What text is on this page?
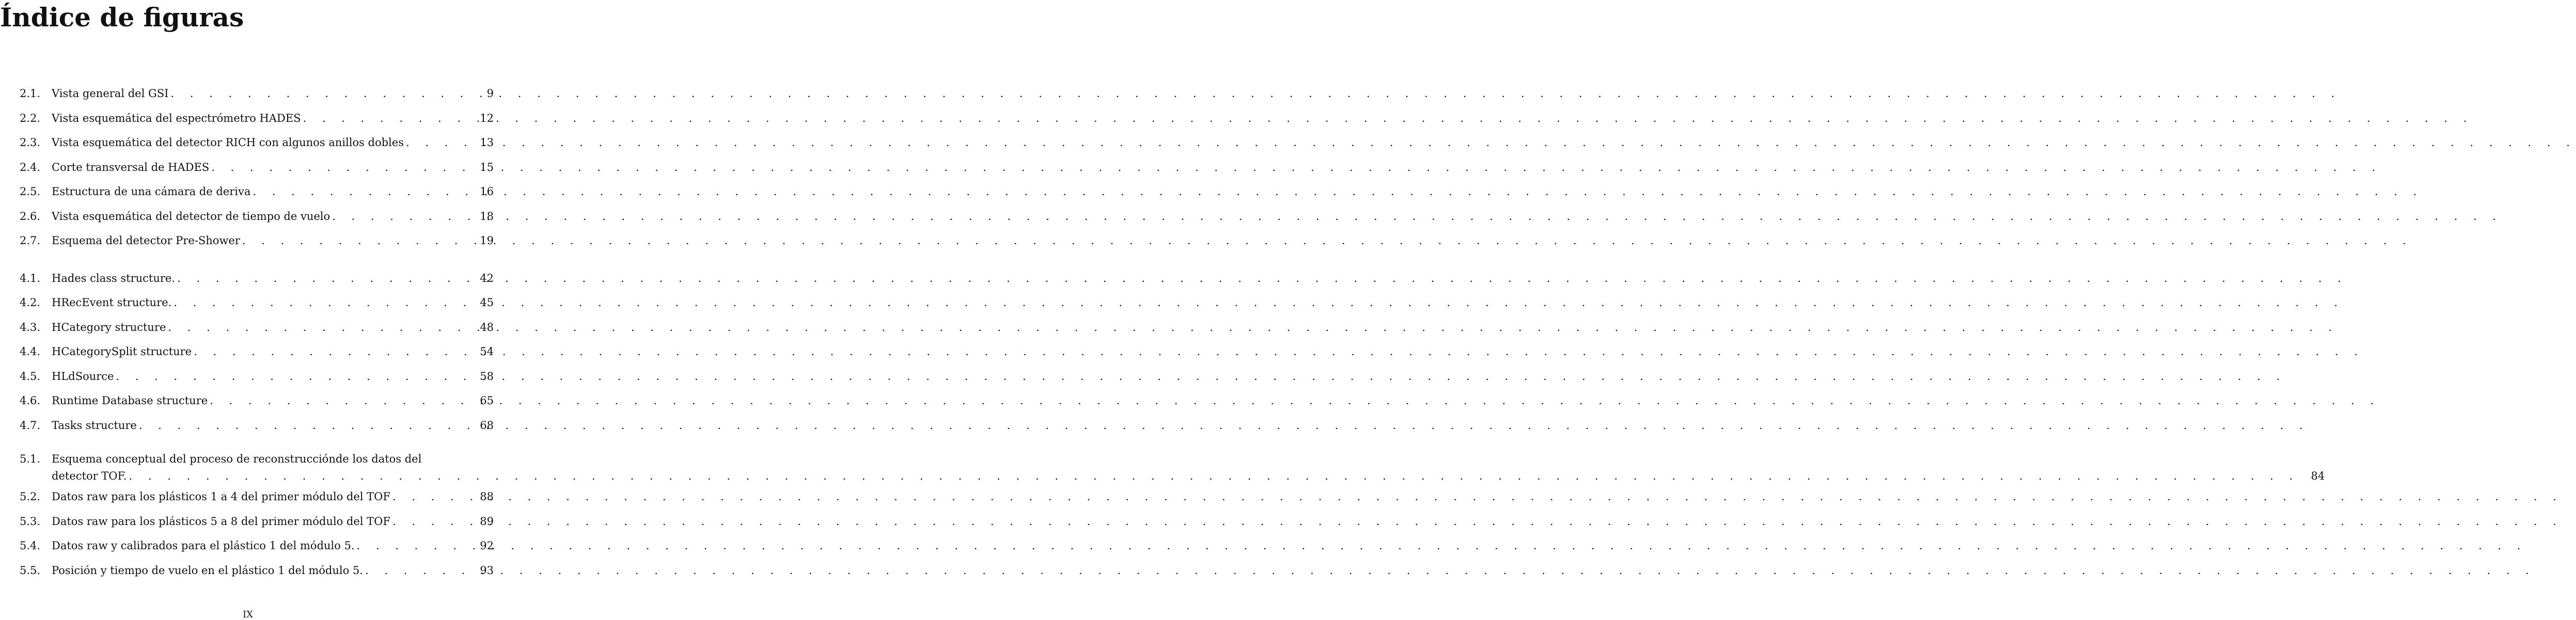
Índice de figuras
2.1.	Vista general del GSI . . .	9
2.2.	Vista esquemática del espectrómetro HADES . . .	12
2.3.	Vista esquemática del detector RICH con algunos anillos dobles . . .	13
2.4.	Corte transversal de HADES . . .	15
2.5.	Estructura de una cámara de deriva . . .	16
2.6.	Vista esquemática del detector de tiempo de vuelo . . .	18
2.7.	Esquema del detector Pre-Shower . . .	19
4.1.	Hades class structure. . . .	42
4.2.	HRecEvent structure. . . .	45
4.3.	HCategory structure . . .	48
4.4.	HCategorySplit structure . . .	54
4.5.	HLdSource . . .	58
4.6.	Runtime Database structure . . .	65
4.7.	Tasks structure . . .	68
5.1.	Esquema conceptual del proceso de reconstrucciónde los datos del
detector TOF. . . .	84
5.2.	Datos raw para los plásticos 1 a 4 del primer módulo del TOF . . .	88
5.3.	Datos raw para los plásticos 5 a 8 del primer módulo del TOF . . .	89
5.4.	Datos raw y calibrados para el plástico 1 del módulo 5. . . .	92
5.5.	Posición y tiempo de vuelo en el plástico 1 del módulo 5. . . .	93
IX
